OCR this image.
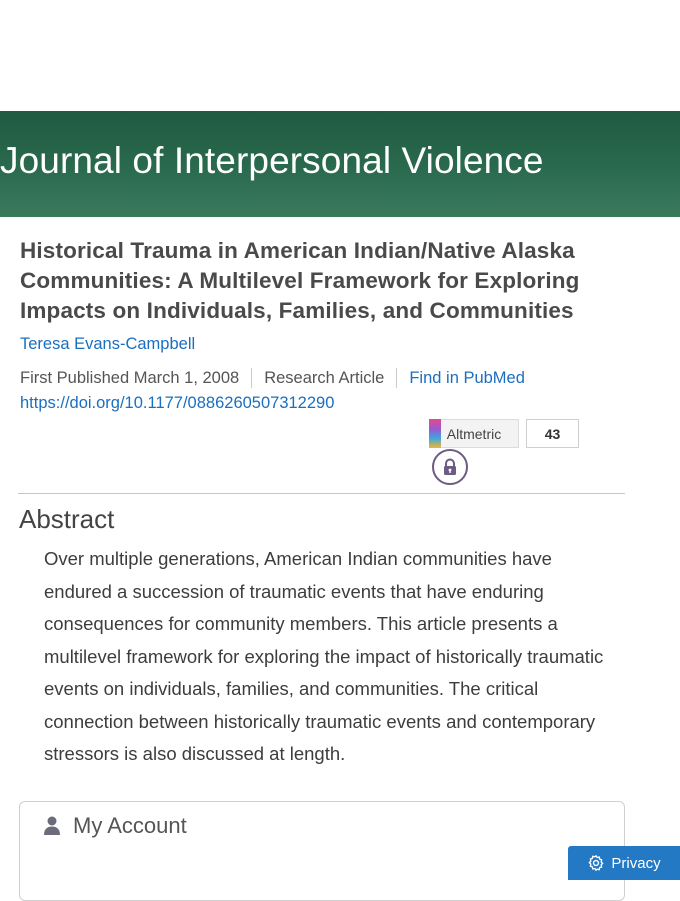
Journal of Interpersonal Violence
Historical Trauma in American Indian/Native Alaska Communities: A Multilevel Framework for Exploring Impacts on Individuals, Families, and Communities
Teresa Evans-Campbell
First Published March 1, 2008 Research Article Find in PubMed
https://doi.org/10.1177/0886260507312290
Altmetric	43
Abstract
Over multiple generations, American Indian communities have endured a succession of traumatic events that have enduring consequences for community members. This article presents a multilevel framework for exploring the impact of historically traumatic events on individuals, families, and communities. The critical connection between historically traumatic events and contemporary stressors is also discussed at length.
My Account
Privacy
